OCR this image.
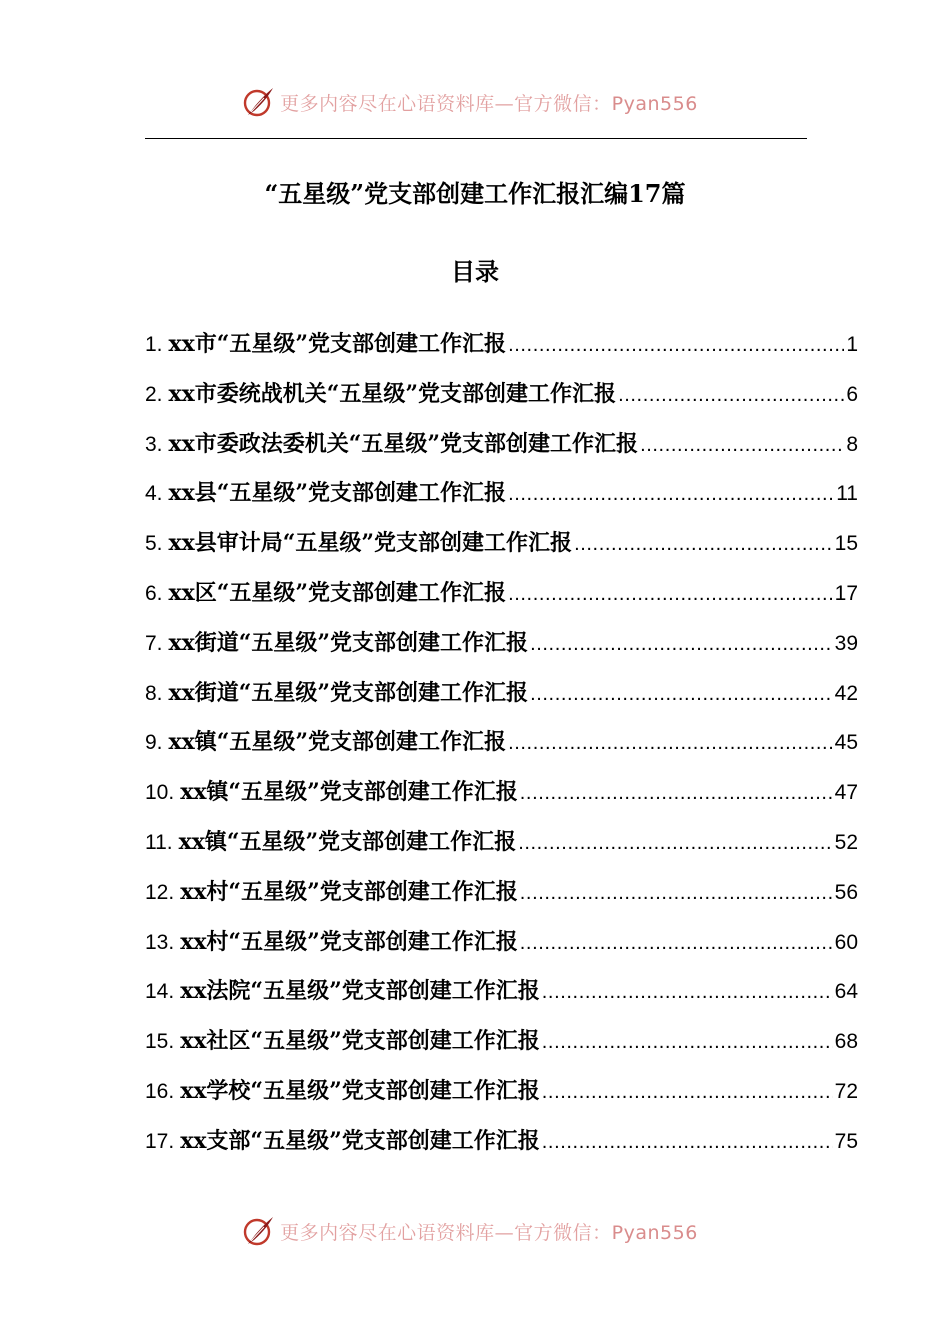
更多内容尽在心语资料库—官方微信：Pyan556
“五星级”党支部创建工作汇报汇编17篇
目录
1. xx市“五星级”党支部创建工作汇报 .....	1
2. xx市委统战机关“五星级”党支部创建工作汇报 .....	6
3. xx市委政法委机关“五星级”党支部创建工作汇报 .....	8
4. xx县“五星级”党支部创建工作汇报 .....	11
5. xx县审计局“五星级”党支部创建工作汇报 .....	15
6. xx区“五星级”党支部创建工作汇报 .....	17
7. xx街道“五星级”党支部创建工作汇报 .....	39
8. xx街道“五星级”党支部创建工作汇报 .....	42
9. xx镇“五星级”党支部创建工作汇报 .....	45
10. xx镇“五星级”党支部创建工作汇报 .....	47
11. xx镇“五星级”党支部创建工作汇报 .....	52
12. xx村“五星级”党支部创建工作汇报 .....	56
13. xx村“五星级”党支部创建工作汇报 .....	60
14. xx法院“五星级”党支部创建工作汇报 .....	64
15. xx社区“五星级”党支部创建工作汇报 .....	68
16. xx学校“五星级”党支部创建工作汇报 .....	72
17. xx支部“五星级”党支部创建工作汇报 .....	75
更多内容尽在心语资料库—官方微信：Pyan556
